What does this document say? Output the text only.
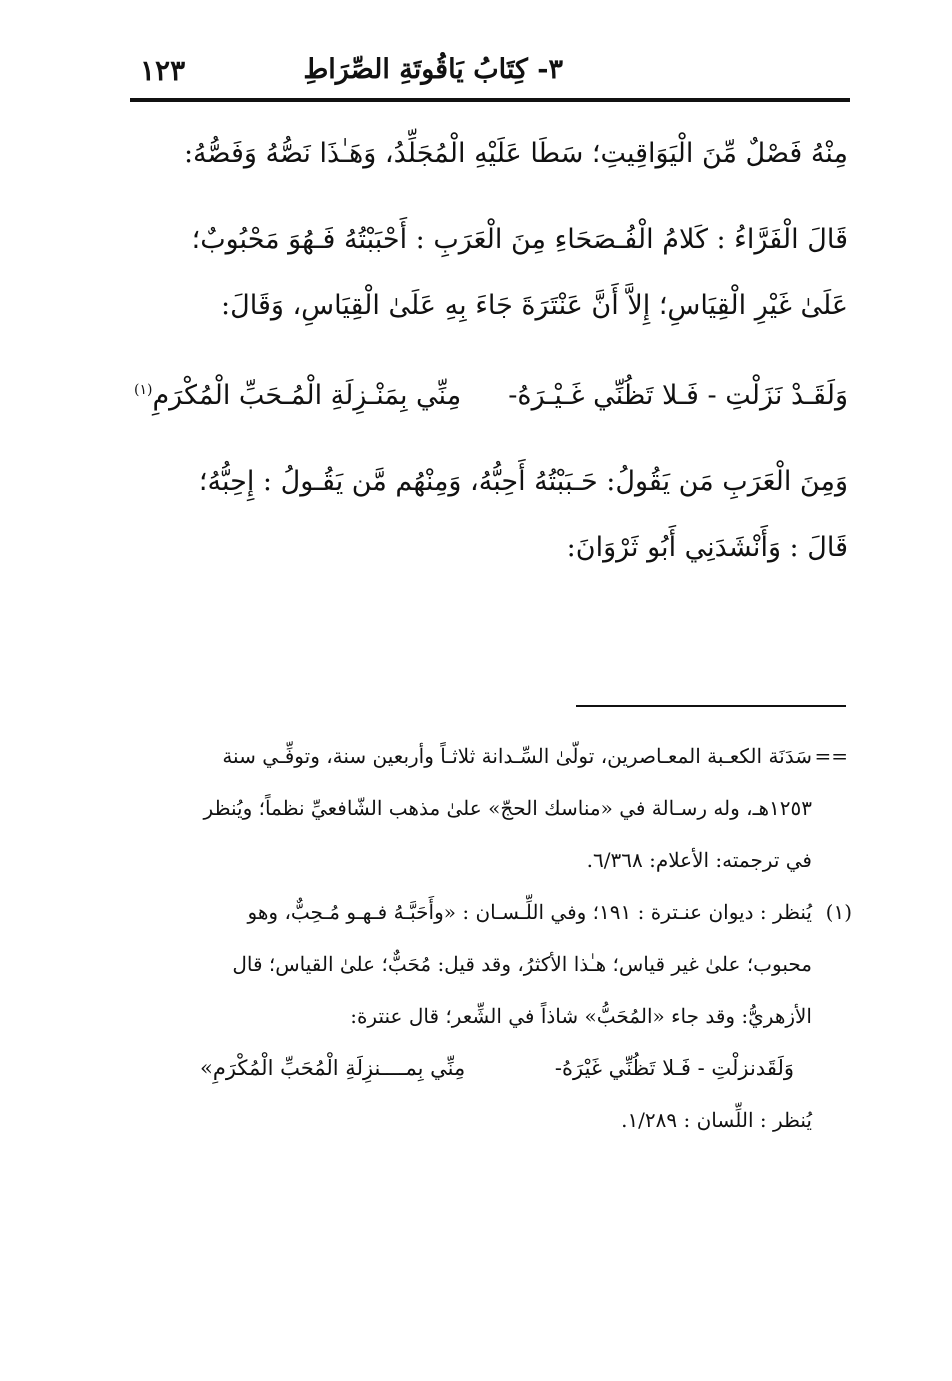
٣- كِتَابُ يَاقُوتَةِ الصِّرَاطِ
١٢٣
مِنْهُ فَصْلٌ مِّنَ الْيَوَاقِيتِ؛ سَطَا عَلَيْهِ الْمُجَلِّدُ، وَهَـٰذَا نَصُّهُ وَفَصُّهُ:
قَالَ الْفَرَّاءُ : كَلامُ الْفُـصَحَاءِ مِنَ الْعَرَبِ : أَحْبَبْتُهُ فَـهُوَ مَحْبُوبٌ؛
عَلَىٰ غَيْرِ الْقِيَاسِ؛ إِلاَّ أَنَّ عَنْتَرَةَ جَاءَ بِهِ عَلَىٰ الْقِيَاسِ، وَقَالَ:
وَلَقَـدْ نَزَلْتِ - فَـلا تَظُنِّي غَـيْـرَهُ-
مِنِّي بِمَنْـزِلَةِ الْمُـحَبِّ الْمُكْرَمِ$^{(١)}$
وَمِنَ الْعَرَبِ مَن يَقُولُ: حَـبَبْتُهُ أَحِبُّهُ، وَمِنْهُم مَّن يَقُـولُ : إِحِبُّهُ؛
قَالَ : وَأَنْشَدَنِي أَبُو ثَرْوَانَ:
==
سَدَنَة الكعـبة المعـاصرين، تولّىٰ السِّـدانة ثلاثـاً وأربعين سنة، وتوفِّـي سنة
١٢٥٣هـ، وله رسـالة في «مناسك الحجّ» علىٰ مذهب الشّافعيِّ نظماً؛ ويُنظر
في ترجمته: الأعلام: ٦/٣٦٨.
(١)
يُنظر : ديوان عنـترة : ١٩١؛ وفي اللِّـسـان : «وأَحَبَّـهُ فـهـو مُـحِبٌّ، وهو
محبوب؛ علىٰ غير قياس؛ هـٰذا الأكثرُ، وقد قيل: مُحَبٌّ؛ علىٰ القياس؛ قال
الأزهريُّ: وقد جاء «المُحَبُّ» شاذاً في الشِّعر؛ قال عنترة:
وَلَقَدنزلْتِ - فَـلا تَظُنِّي غَيْرَهُ-
مِنِّي بِمــــنزِلَةِ الْمُحَبِّ الْمُكْرَمِ»
يُنظر : اللِّسان : ١/٢٨٩.
